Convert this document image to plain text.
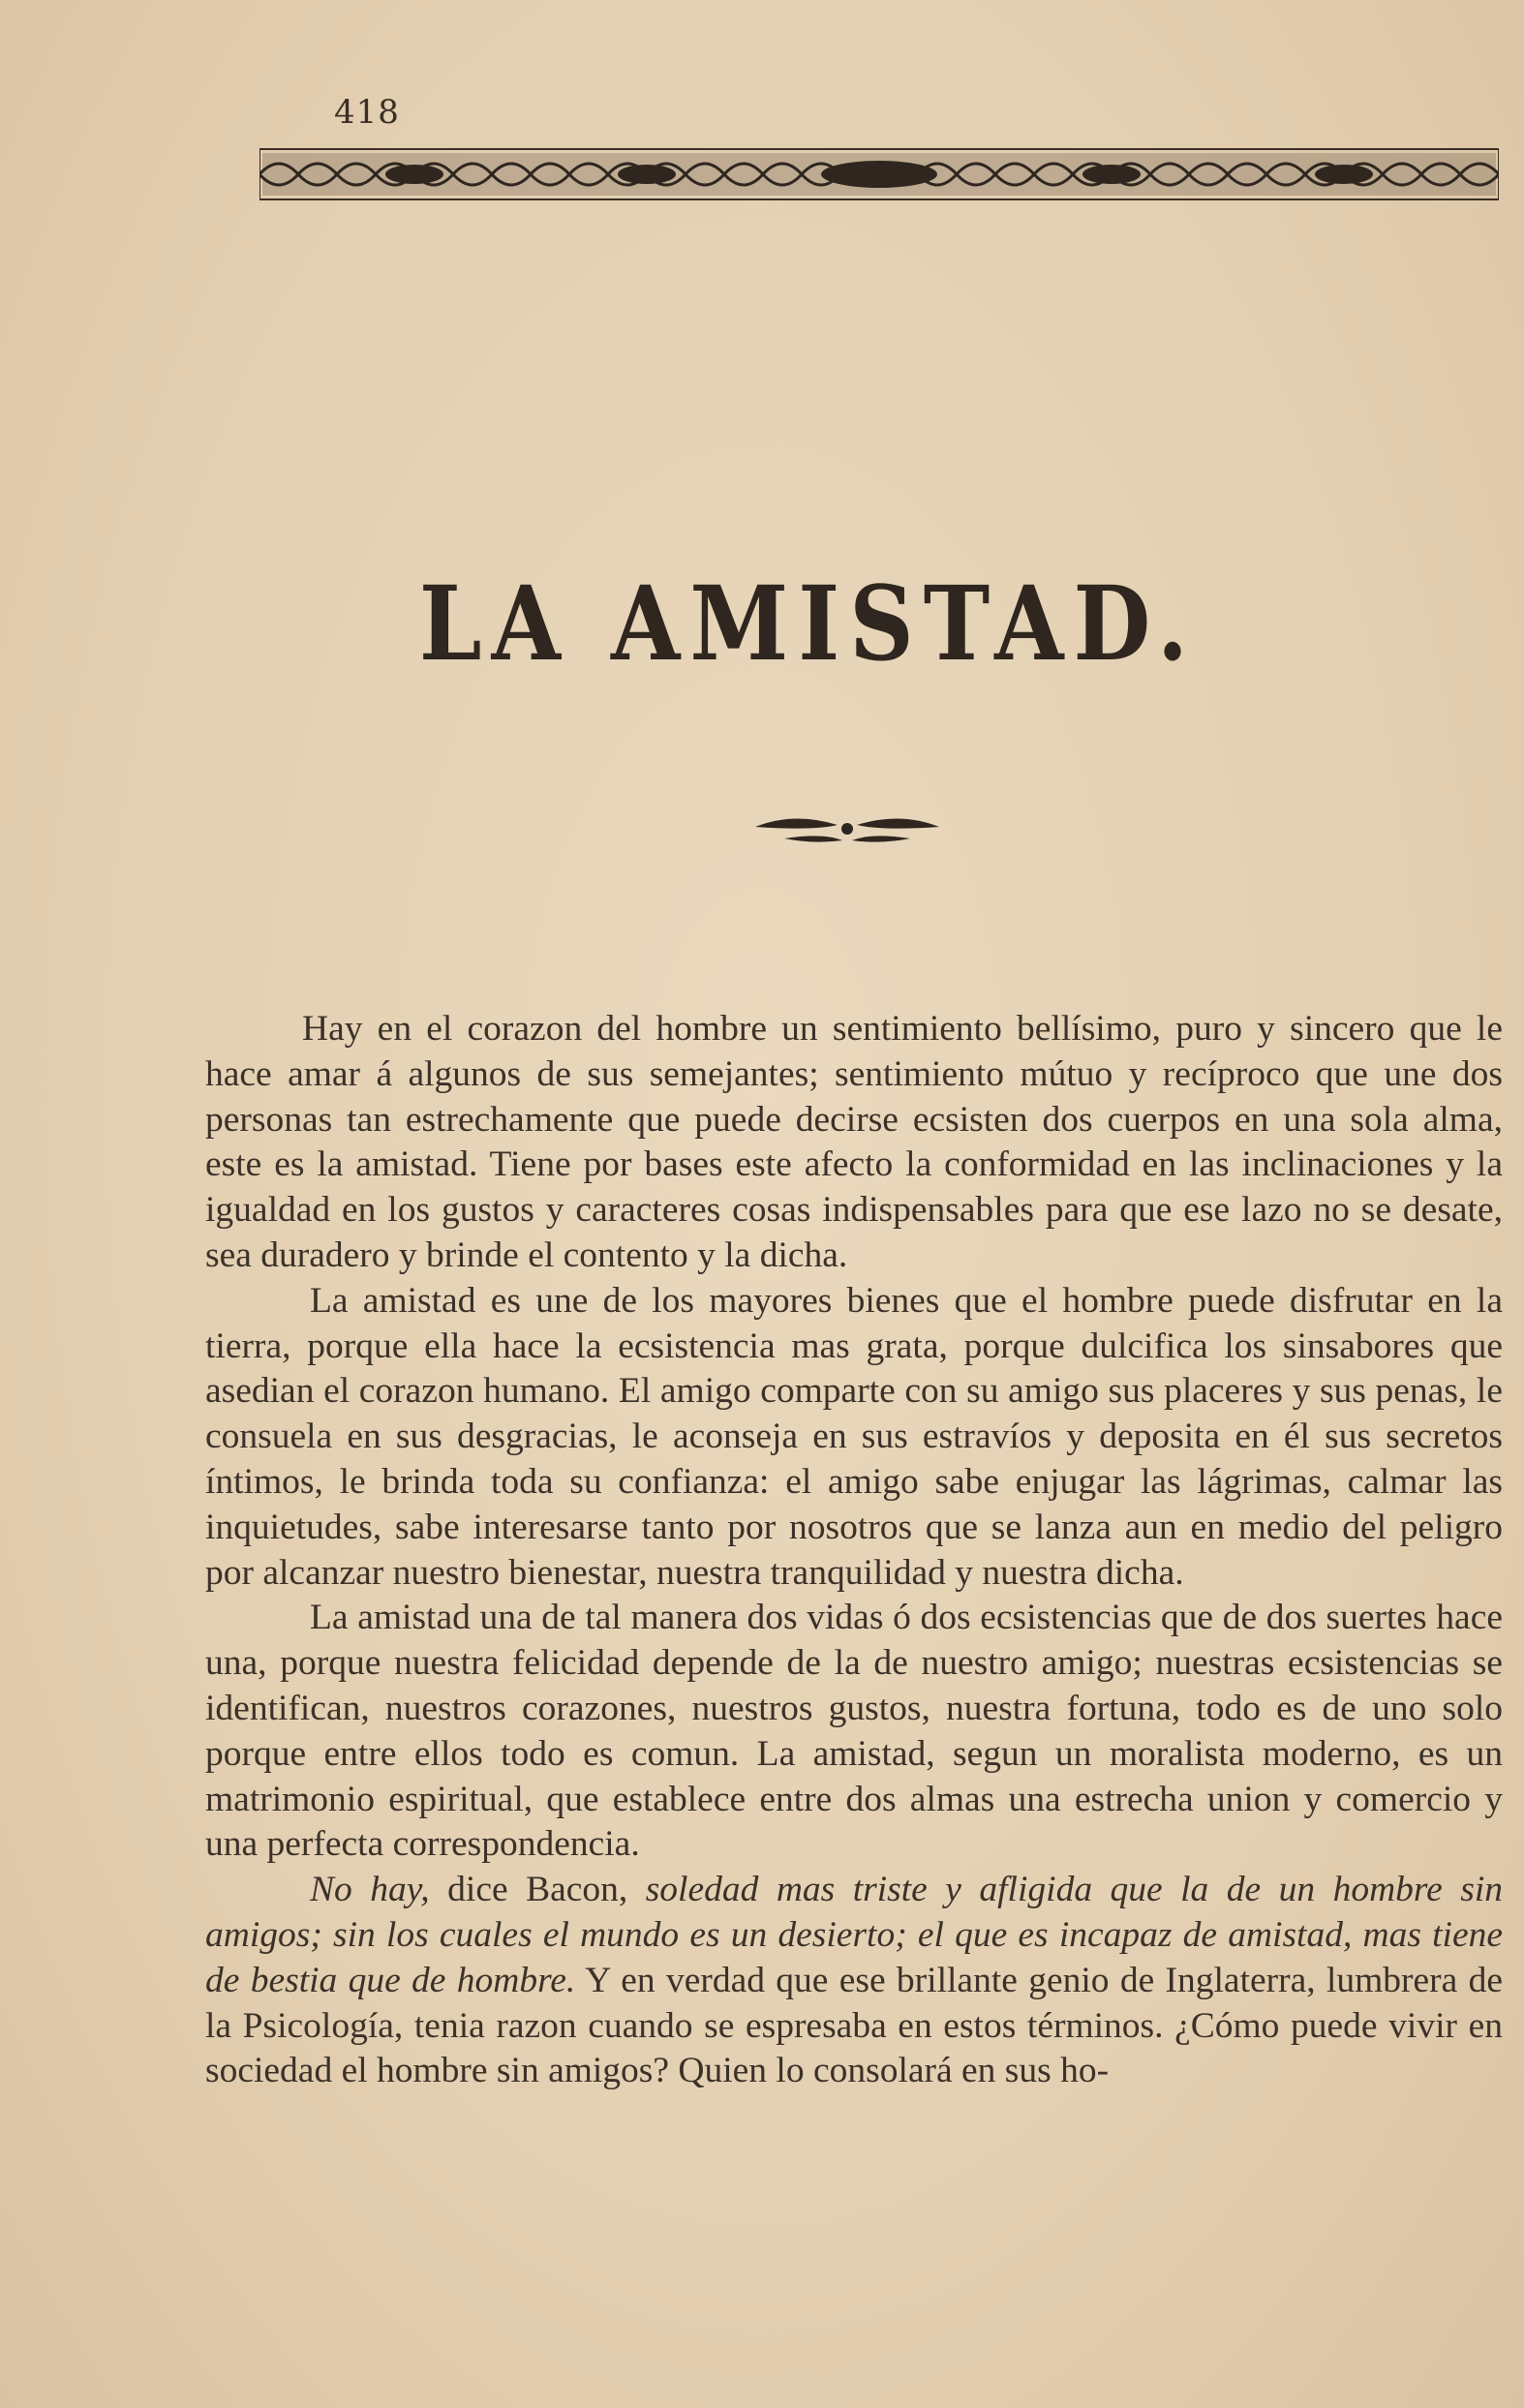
418
LA AMISTAD.

Hay en el corazon del hombre un sentimiento bellísimo, puro y sincero que le hace amar á algunos de sus semejantes; sentimiento mútuo y recíproco que une dos personas tan estrechamente que puede decirse ecsisten dos cuerpos en una sola alma, este es la amistad. Tiene por bases este afecto la conformidad en las inclinaciones y la igualdad en los gustos y caracteres cosas indispensables para que ese lazo no se desate, sea duradero y brinde el contento y la dicha.

La amistad es une de los mayores bienes que el hombre puede disfrutar en la tierra, porque ella hace la ecsistencia mas grata, porque dulcifica los sinsabores que asedian el corazon humano. El amigo comparte con su amigo sus placeres y sus penas, le consuela en sus desgracias, le aconseja en sus estravíos y deposita en él sus secretos íntimos, le brinda toda su confianza: el amigo sabe enjugar las lágrimas, calmar las inquietudes, sabe interesarse tanto por nosotros que se lanza aun en medio del peligro por alcanzar nuestro bienestar, nuestra tranquilidad y nuestra dicha.

La amistad una de tal manera dos vidas ó dos ecsistencias que de dos suertes hace una, porque nuestra felicidad depende de la de nuestro amigo; nuestras ecsistencias se identifican, nuestros corazones, nuestros gustos, nuestra fortuna, todo es de uno solo porque entre ellos todo es comun. La amistad, segun un moralista moderno, es un matrimonio espiritual, que establece entre dos almas una estrecha union y comercio y una perfecta correspondencia.

No hay, dice Bacon, soledad mas triste y afligida que la de un hombre sin amigos; sin los cuales el mundo es un desierto; el que es incapaz de amistad, mas tiene de bestia que de hombre. Y en verdad que ese brillante genio de Inglaterra, lumbrera de la Psicología, tenia razon cuando se espresaba en estos términos. ¿Cómo puede vivir en sociedad el hombre sin amigos? Quien lo consolará en sus ho-
